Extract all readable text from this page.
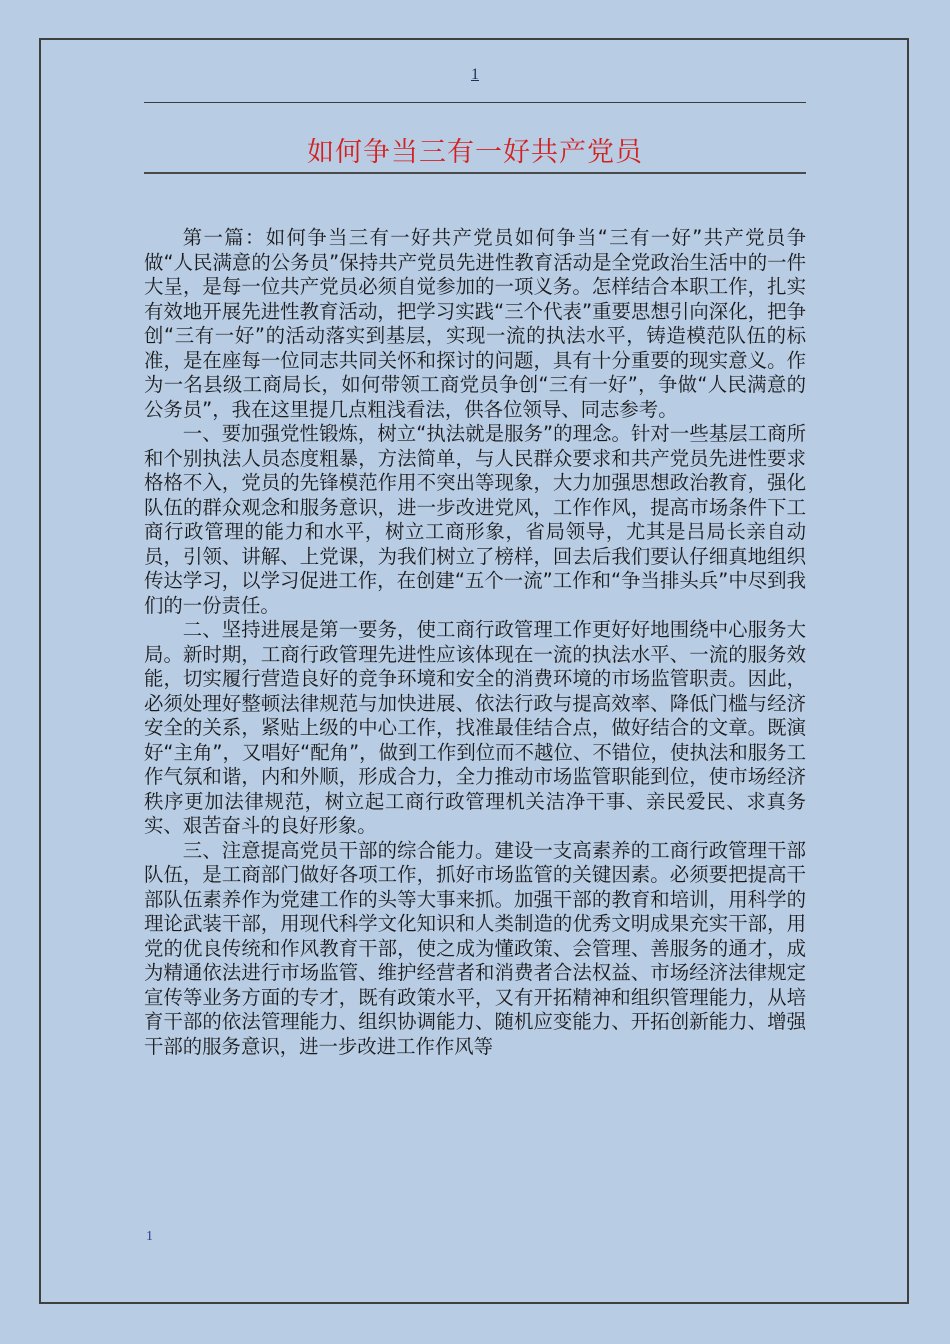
1
如何争当三有一好共产党员

第一篇：如何争当三有一好共产党员如何争当“三有一好”共产党员争做“人民满意的公务员”保持共产党员先进性教育活动是全党政治生活中的一件大呈，是每一位共产党员必须自觉参加的一项义务。怎样结合本职工作，扎实有效地开展先进性教育活动，把学习实践“三个代表”重要思想引向深化，把争创“三有一好”的活动落实到基层，实现一流的执法水平，铸造模范队伍的标准，是在座每一位同志共同关怀和探讨的问题，具有十分重要的现实意义。作为一名县级工商局长，如何带领工商党员争创“三有一好”，争做“人民满意的公务员”，我在这里提几点粗浅看法，供各位领导、同志参考。

一、要加强党性锻炼，树立“执法就是服务”的理念。针对一些基层工商所和个别执法人员态度粗暴，方法简单，与人民群众要求和共产党员先进性要求格格不入，党员的先锋模范作用不突出等现象，大力加强思想政治教育，强化队伍的群众观念和服务意识，进一步改进党风，工作作风，提高市场条件下工商行政管理的能力和水平，树立工商形象，省局领导，尤其是吕局长亲自动员，引领、讲解、上党课，为我们树立了榜样，回去后我们要认仔细真地组织传达学习，以学习促进工作，在创建“五个一流”工作和“争当排头兵”中尽到我们的一份责任。

二、坚持进展是第一要务，使工商行政管理工作更好好地围绕中心服务大局。新时期，工商行政管理先进性应该体现在一流的执法水平、一流的服务效能，切实履行营造良好的竞争环境和安全的消费环境的市场监管职责。因此，必须处理好整顿法律规范与加快进展、依法行政与提高效率、降低门槛与经济安全的关系，紧贴上级的中心工作，找准最佳结合点，做好结合的文章。既演好“主角”，又唱好“配角”，做到工作到位而不越位、不错位，使执法和服务工作气氛和谐，内和外顺，形成合力，全力推动市场监管职能到位，使市场经济秩序更加法律规范，树立起工商行政管理机关洁净干事、亲民爱民、求真务实、艰苦奋斗的良好形象。

三、注意提高党员干部的综合能力。建设一支高素养的工商行政管理干部队伍，是工商部门做好各项工作，抓好市场监管的关键因素。必须要把提高干部队伍素养作为党建工作的头等大事来抓。加强干部的教育和培训，用科学的理论武装干部，用现代科学文化知识和人类制造的优秀文明成果充实干部，用党的优良传统和作风教育干部，使之成为懂政策、会管理、善服务的通才，成为精通依法进行市场监管、维护经营者和消费者合法权益、市场经济法律规定宣传等业务方面的专才，既有政策水平，又有开拓精神和组织管理能力，从培育干部的依法管理能力、组织协调能力、随机应变能力、开拓创新能力、增强干部的服务意识，进一步改进工作作风等

1
